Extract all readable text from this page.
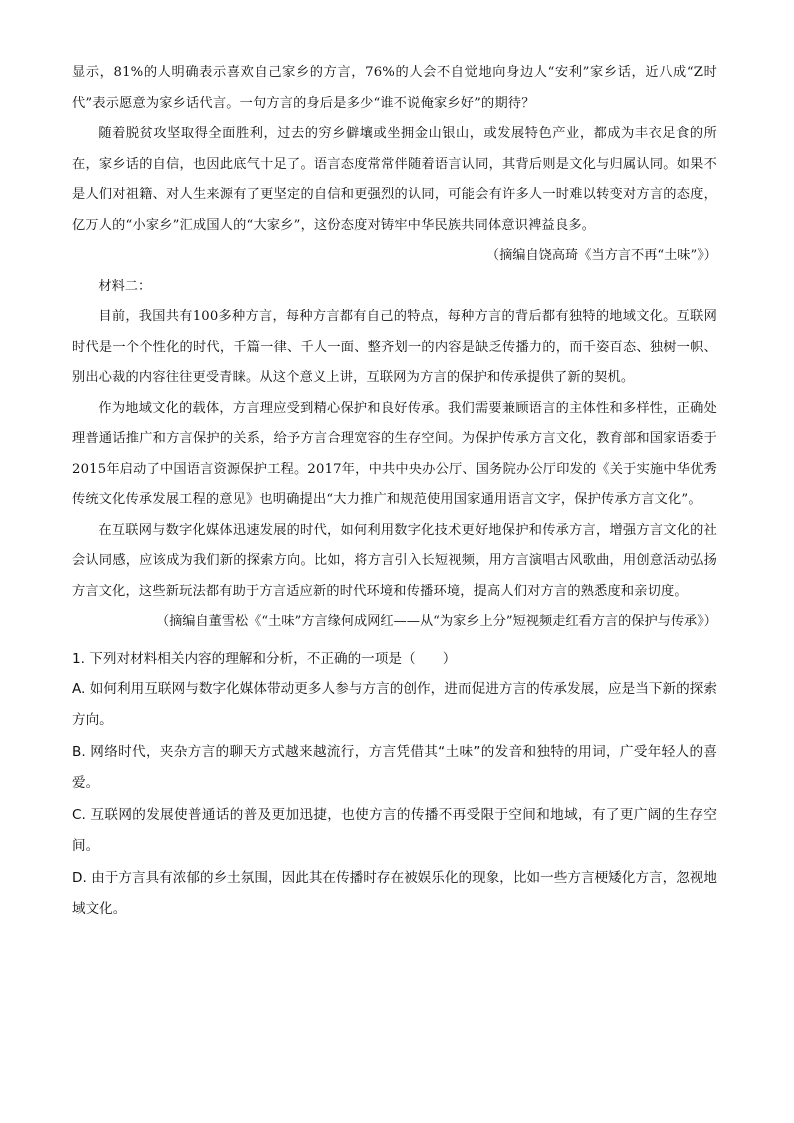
显示，81%的人明确表示喜欢自己家乡的方言，76%的人会不自觉地向身边人“安利”家乡话，近八成“Z时代”表示愿意为家乡话代言。一句方言的身后是多少“谁不说俺家乡好”的期待？

随着脱贫攻坚取得全面胜利，过去的穷乡僻壤或坐拥金山银山，或发展特色产业，都成为丰衣足食的所在，家乡话的自信，也因此底气十足了。语言态度常常伴随着语言认同，其背后则是文化与归属认同。如果不是人们对祖籍、对人生来源有了更坚定的自信和更强烈的认同，可能会有许多人一时难以转变对方言的态度，亿万人的“小家乡”汇成国人的“大家乡”，这份态度对铸牢中华民族共同体意识裨益良多。

（摘编自饶高琦《当方言不再“土味”》）

材料二：

目前，我国共有100多种方言，每种方言都有自己的特点，每种方言的背后都有独特的地域文化。互联网时代是一个个性化的时代，千篇一律、千人一面、整齐划一的内容是缺乏传播力的，而千姿百态、独树一帜、别出心裁的内容往往更受青睐。从这个意义上讲，互联网为方言的保护和传承提供了新的契机。

作为地域文化的载体，方言理应受到精心保护和良好传承。我们需要兼顾语言的主体性和多样性，正确处理普通话推广和方言保护的关系，给予方言合理宽容的生存空间。为保护传承方言文化，教育部和国家语委于2015年启动了中国语言资源保护工程。2017年，中共中央办公厅、国务院办公厅印发的《关于实施中华优秀传统文化传承发展工程的意见》也明确提出“大力推广和规范使用国家通用语言文字，保护传承方言文化”。

在互联网与数字化媒体迅速发展的时代，如何利用数字化技术更好地保护和传承方言，增强方言文化的社会认同感，应该成为我们新的探索方向。比如，将方言引入长短视频，用方言演唱古风歌曲，用创意活动弘扬方言文化，这些新玩法都有助于方言适应新的时代环境和传播环境，提高人们对方言的熟悉度和亲切度。

（摘编自董雪松《“土味”方言缘何成网红——从“为家乡上分”短视频走红看方言的保护与传承》）

1. 下列对材料相关内容的理解和分析，不正确的一项是（　　）

A. 如何利用互联网与数字化媒体带动更多人参与方言的创作，进而促进方言的传承发展，应是当下新的探索方向。

B. 网络时代，夹杂方言的聊天方式越来越流行，方言凭借其“土味”的发音和独特的用词，广受年轻人的喜爱。

C. 互联网的发展使普通话的普及更加迅捷，也使方言的传播不再受限于空间和地域，有了更广阔的生存空间。

D. 由于方言具有浓郁的乡土氛围，因此其在传播时存在被娱乐化的现象，比如一些方言梗矮化方言，忽视地域文化。
